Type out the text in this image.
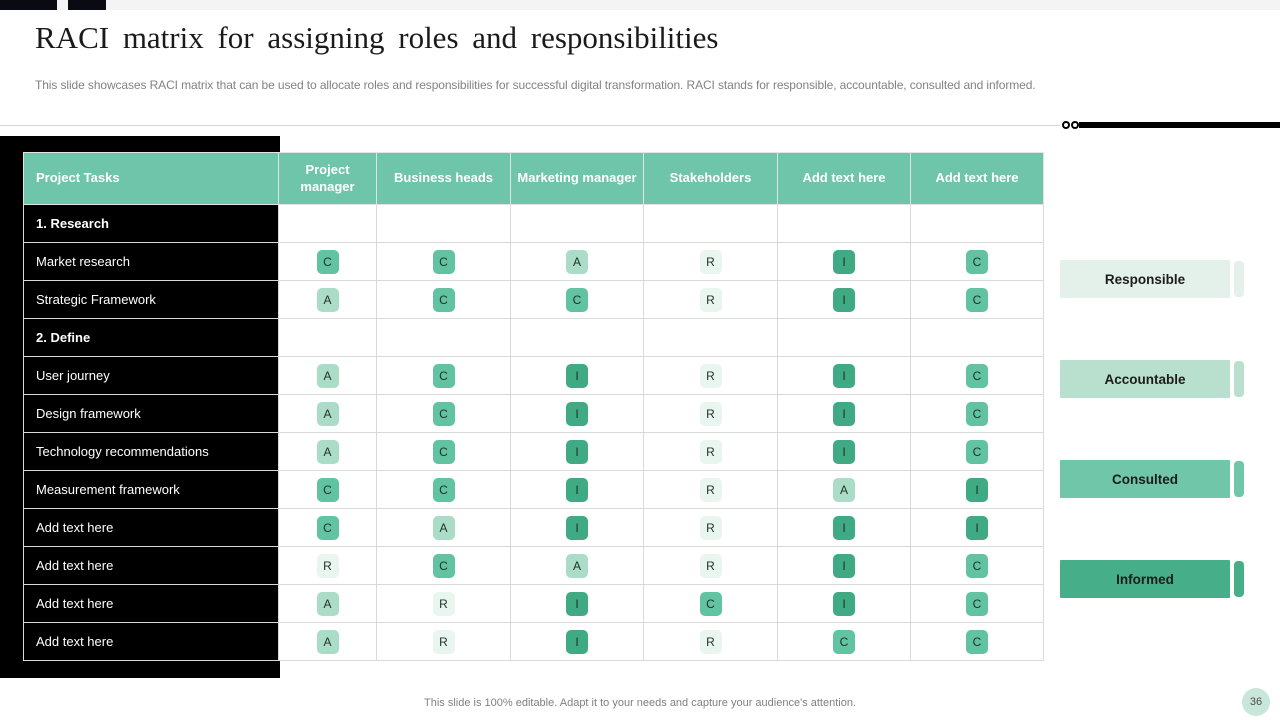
RACI matrix for assigning roles and responsibilities

This slide showcases RACI matrix that can be used to allocate roles and responsibilities for successful digital transformation. RACI stands for responsible, accountable, consulted and informed.

Project Tasks	Project manager	Business heads	Marketing manager	Stakeholders	Add text here	Add text here
1. Research						
Market research	C	C	A	R	I	C
Strategic Framework	A	C	C	R	I	C
2. Define						
User journey	A	C	I	R	I	C
Design framework	A	C	I	R	I	C
Technology recommendations	A	C	I	R	I	C
Measurement framework	C	C	I	R	A	I
Add text here	C	A	I	R	I	I
Add text here	R	C	A	R	I	C
Add text here	A	R	I	C	I	C
Add text here	A	R	I	R	C	C
Responsible
Accountable
Consulted
Informed
This slide is 100% editable. Adapt it to your needs and capture your audience's attention.	36
